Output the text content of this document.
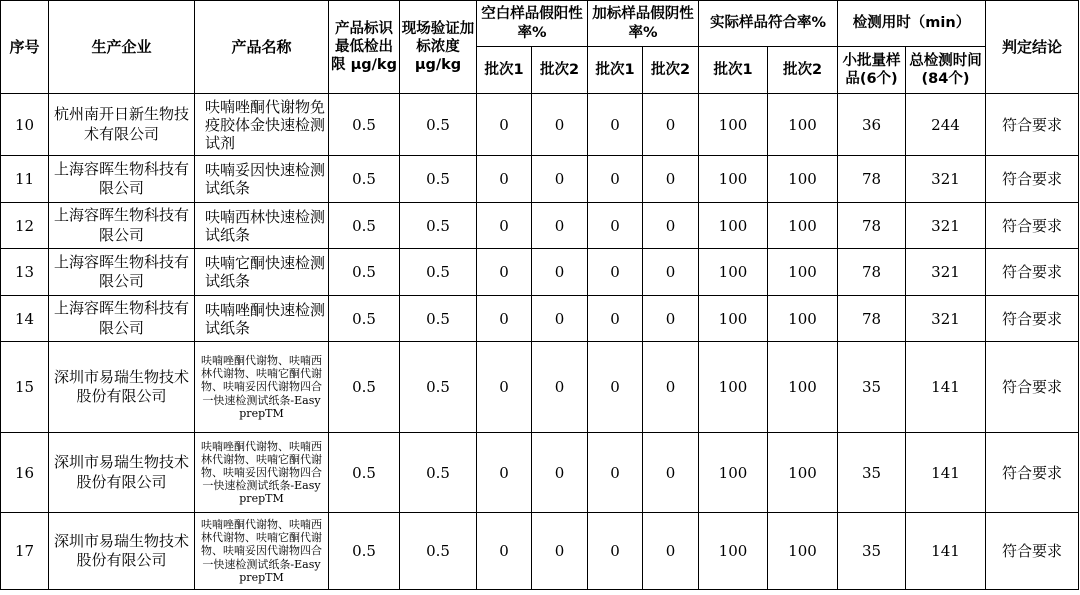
序号	生产企业	产品名称	产品标识最低检出限 μg/kg	现场验证加标浓度 μg/kg	空白样品假阳性率%		加标样品假阴性率%		实际样品符合率%		检测用时（min）		判定结论
					批次1	批次2	批次1	批次2	批次1	批次2	小批量样品(6个)	总检测时间(84个)	
10	杭州南开日新生物技术有限公司	呋喃唑酮代谢物免疫胶体金快速检测试剂	0.5	0.5	0	0	0	0	100	100	36	244	符合要求
11	上海容晖生物科技有限公司	呋喃妥因快速检测试纸条	0.5	0.5	0	0	0	0	100	100	78	321	符合要求
12	上海容晖生物科技有限公司	呋喃西林快速检测试纸条	0.5	0.5	0	0	0	0	100	100	78	321	符合要求
13	上海容晖生物科技有限公司	呋喃它酮快速检测试纸条	0.5	0.5	0	0	0	0	100	100	78	321	符合要求
14	上海容晖生物科技有限公司	呋喃唑酮快速检测试纸条	0.5	0.5	0	0	0	0	100	100	78	321	符合要求
15	深圳市易瑞生物技术股份有限公司	呋喃唑酮代谢物、呋喃西林代谢物、呋喃它酮代谢物、呋喃妥因代谢物四合一快速检测试纸条-Easy prepTM	0.5	0.5	0	0	0	0	100	100	35	141	符合要求
16	深圳市易瑞生物技术股份有限公司	呋喃唑酮代谢物、呋喃西林代谢物、呋喃它酮代谢物、呋喃妥因代谢物四合一快速检测试纸条-Easy prepTM	0.5	0.5	0	0	0	0	100	100	35	141	符合要求
17	深圳市易瑞生物技术股份有限公司	呋喃唑酮代谢物、呋喃西林代谢物、呋喃它酮代谢物、呋喃妥因代谢物四合一快速检测试纸条-Easy prepTM	0.5	0.5	0	0	0	0	100	100	35	141	符合要求
